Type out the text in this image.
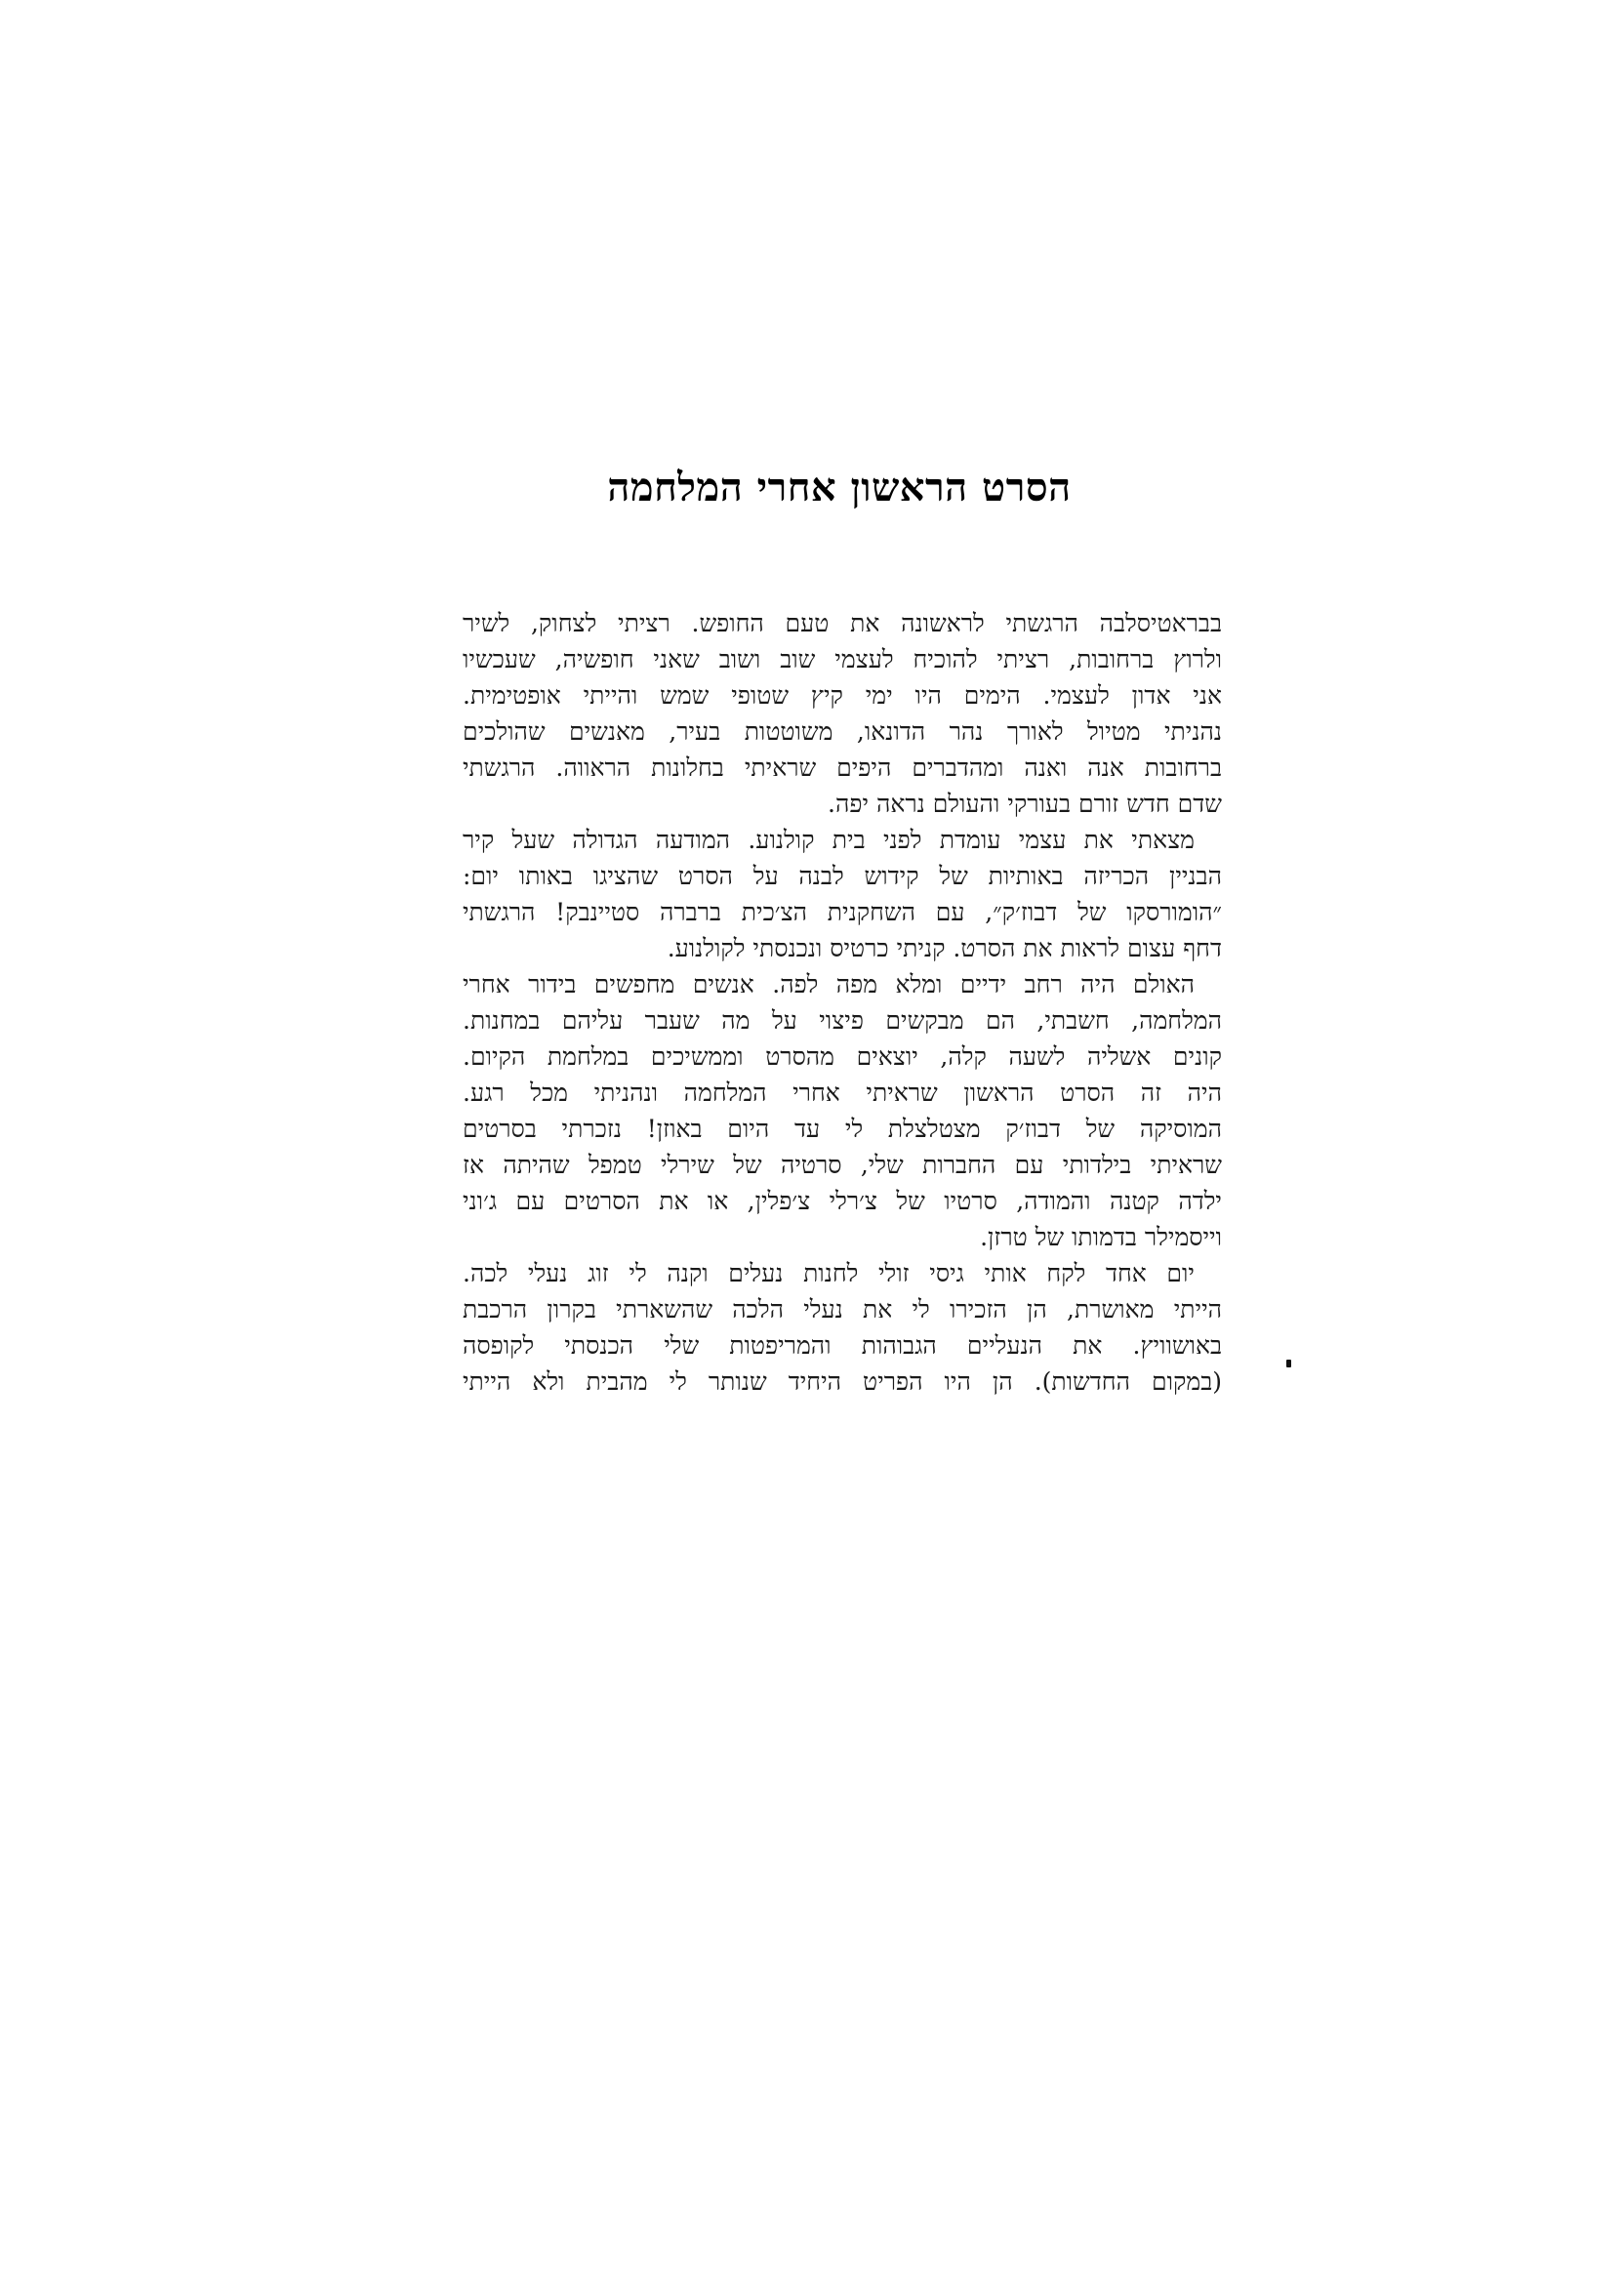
הסרט הראשון אחרי המלחמה
בבראטיסלבה הרגשתי לראשונה את טעם החופש. רציתי לצחוק, לשיר
ולרוץ ברחובות, רציתי להוכיח לעצמי שוב ושוב שאני חופשיה, שעכשיו
אני אדון לעצמי. הימים היו ימי קיץ שטופי שמש והייתי אופטימית.
נהניתי מטיול לאורך נהר הדונאו, משוטטות בעיר, מאנשים שהולכים
ברחובות אנה ואנה ומהדברים היפים שראיתי בחלונות הראווה. הרגשתי
שדם חדש זורם בעורקי והעולם נראה יפה.
מצאתי את עצמי עומדת לפני בית קולנוע. המודעה הגדולה שעל קיר
הבניין הכריזה באותיות של קידוש לבנה על הסרט שהציגו באותו יום:
״הומורסקו של דבוז׳ק״, עם השחקנית הצ׳כית ברברה סטיינבק! הרגשתי
דחף עצום לראות את הסרט. קניתי כרטיס ונכנסתי לקולנוע.
האולם היה רחב ידיים ומלא מפה לפה. אנשים מחפשים בידור אחרי
המלחמה, חשבתי, הם מבקשים פיצוי על מה שעבר עליהם במחנות.
קונים אשליה לשעה קלה, יוצאים מהסרט וממשיכים במלחמת הקיום.
היה זה הסרט הראשון שראיתי אחרי המלחמה ונהניתי מכל רגע.
המוסיקה של דבוז׳ק מצטלצלת לי עד היום באוזן! נזכרתי בסרטים
שראיתי בילדותי עם החברות שלי, סרטיה של שירלי טמפל שהיתה אז
ילדה קטנה והמודה, סרטיו של צ׳רלי צ׳פלין, או את הסרטים עם ג׳וני
וייסמילר בדמותו של טרזן.
יום אחד לקח אותי גיסי זולי לחנות נעלים וקנה לי זוג נעלי לכה.
הייתי מאושרת, הן הזכירו לי את נעלי הלכה שהשארתי בקרון הרכבת
באושוויץ. את הנעליים הגבוהות והמריפטות שלי הכנסתי לקופסה
(במקום החדשות). הן היו הפריט היחיד שנותר לי מהבית ולא הייתי
